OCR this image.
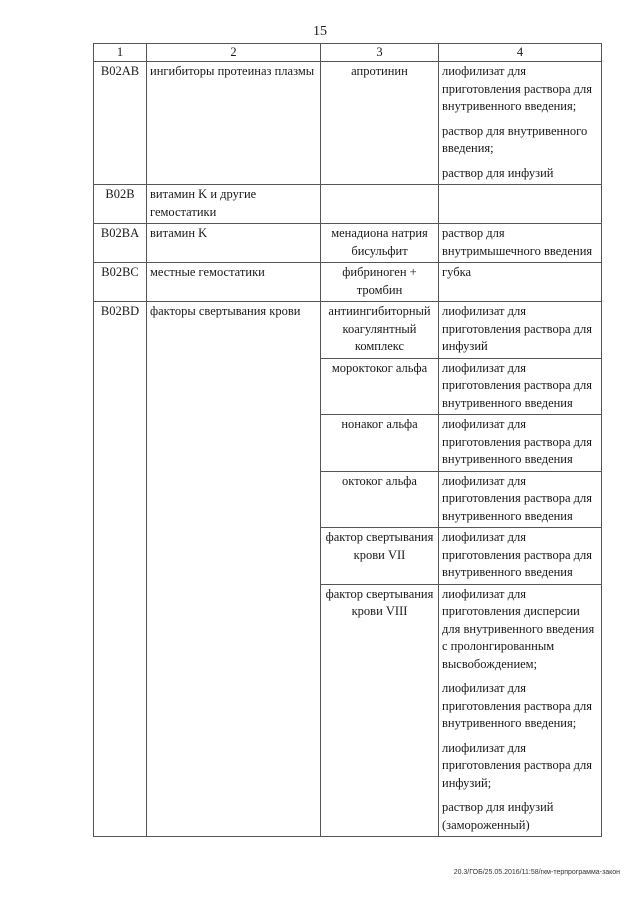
15
1	2	3	4
B02AB	ингибиторы протеиназ плазмы	апротинин	лиофилизат для приготовления раствора для внутривенного введения;
раствор для внутривенного введения;
раствор для инфузий

B02B	витамин K и другие гемостатики		

B02BA	витамин K	менадиона натрия бисульфит	раствор для внутримышечного введения

B02BC	местные гемостатики	фибриноген + тромбин	губка

B02BD	факторы свертывания крови	антиингибиторный коагулянтный комплекс	лиофилизат для приготовления раствора для инфузий

		мороктоког альфа	лиофилизат для приготовления раствора для внутривенного введения

		нонаког альфа	лиофилизат для приготовления раствора для внутривенного введения

		октоког альфа	лиофилизат для приготовления раствора для внутривенного введения

		фактор свертывания крови VII	лиофилизат для приготовления раствора для внутривенного введения

		фактор свертывания крови VIII	лиофилизат для приготовления дисперсии для внутривенного введения с пролонгированным высвобождением;
лиофилизат для приготовления раствора для внутривенного введения;
лиофилизат для приготовления раствора для инфузий;
раствор для инфузий (замороженный)
20.3/ГОБ/25.05.2016/11:58/гкм-терпрограмма-закон
